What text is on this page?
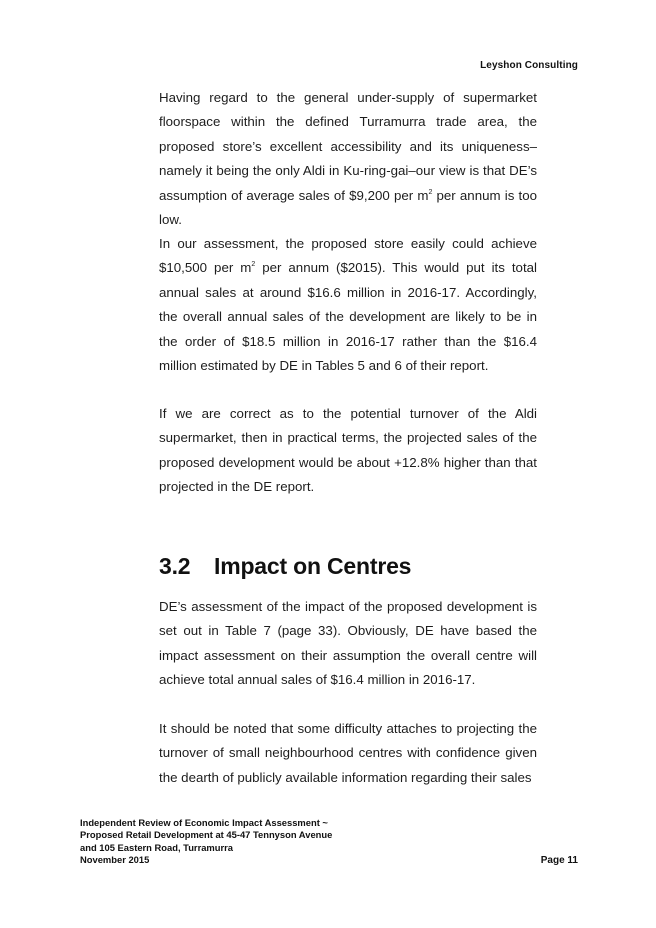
Leyshon Consulting

Having regard to the general under-supply of supermarket floorspace within the defined Turramurra trade area, the proposed store’s excellent accessibility and its uniqueness–namely it being the only Aldi in Ku-ring-gai–our view is that DE’s assumption of average sales of $9,200 per $m^2$ per annum is too low.

In our assessment, the proposed store easily could achieve $10,500 per $m^2$ per annum ($2015). This would put its total annual sales at around $16.6 million in 2016-17. Accordingly, the overall annual sales of the development are likely to be in the order of $18.5 million in 2016-17 rather than the $16.4 million estimated by DE in Tables 5 and 6 of their report.

If we are correct as to the potential turnover of the Aldi supermarket, then in practical terms, the projected sales of the proposed development would be about +12.8% higher than that projected in the DE report.

3.2 Impact on Centres

DE’s assessment of the impact of the proposed development is set out in Table 7 (page 33). Obviously, DE have based the impact assessment on their assumption the overall centre will achieve total annual sales of $16.4 million in 2016-17.

It should be noted that some difficulty attaches to projecting the turnover of small neighbourhood centres with confidence given the dearth of publicly available information regarding their sales

Independent Review of Economic Impact Assessment ~
Proposed Retail Development at 45-47 Tennyson Avenue
and 105 Eastern Road, Turramurra
November 2015	Page 11
